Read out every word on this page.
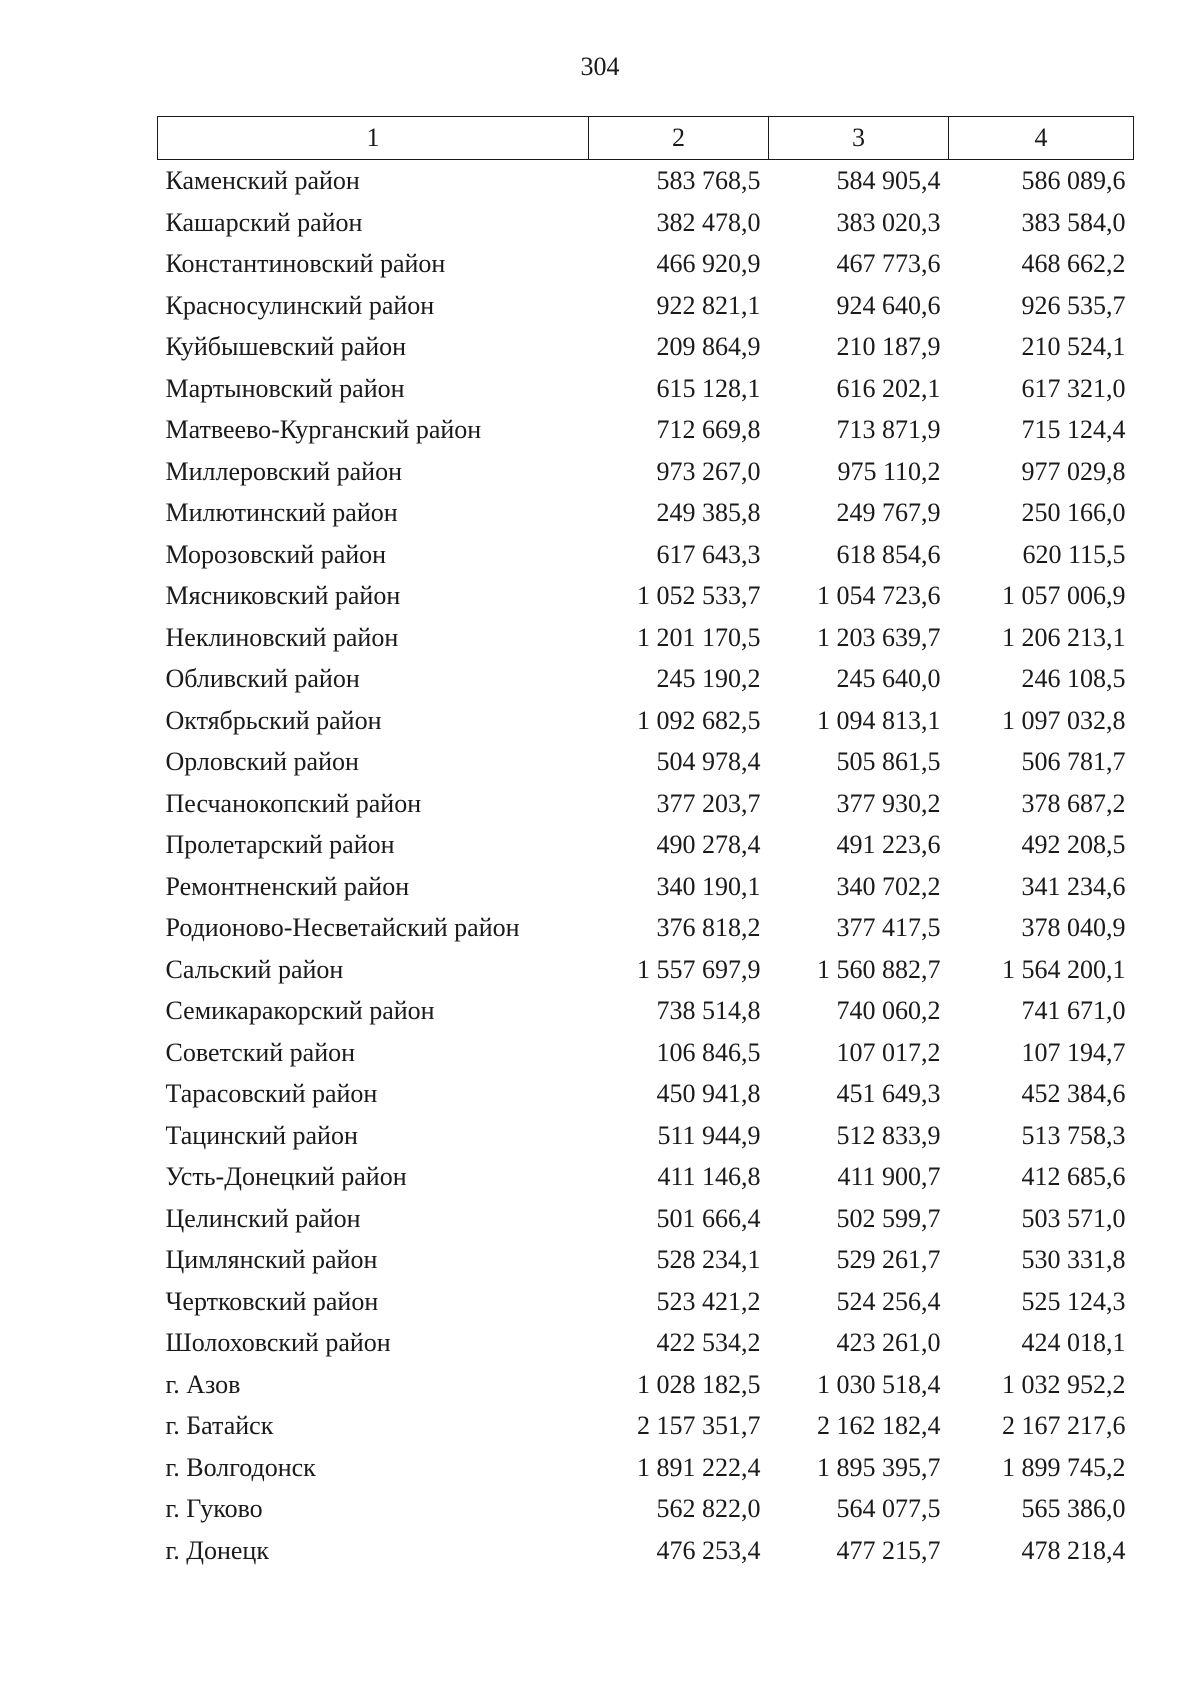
304
1	2	3	4
Каменский район	583 768,5	584 905,4	586 089,6
Кашарский район	382 478,0	383 020,3	383 584,0
Константиновский район	466 920,9	467 773,6	468 662,2
Красносулинский район	922 821,1	924 640,6	926 535,7
Куйбышевский район	209 864,9	210 187,9	210 524,1
Мартыновский район	615 128,1	616 202,1	617 321,0
Матвеево-Курганский район	712 669,8	713 871,9	715 124,4
Миллеровский район	973 267,0	975 110,2	977 029,8
Милютинский район	249 385,8	249 767,9	250 166,0
Морозовский район	617 643,3	618 854,6	620 115,5
Мясниковский район	1 052 533,7	1 054 723,6	1 057 006,9
Неклиновский район	1 201 170,5	1 203 639,7	1 206 213,1
Обливский район	245 190,2	245 640,0	246 108,5
Октябрьский район	1 092 682,5	1 094 813,1	1 097 032,8
Орловский район	504 978,4	505 861,5	506 781,7
Песчанокопский район	377 203,7	377 930,2	378 687,2
Пролетарский район	490 278,4	491 223,6	492 208,5
Ремонтненский район	340 190,1	340 702,2	341 234,6
Родионово-Несветайский район	376 818,2	377 417,5	378 040,9
Сальский район	1 557 697,9	1 560 882,7	1 564 200,1
Семикаракорский район	738 514,8	740 060,2	741 671,0
Советский район	106 846,5	107 017,2	107 194,7
Тарасовский район	450 941,8	451 649,3	452 384,6
Тацинский район	511 944,9	512 833,9	513 758,3
Усть-Донецкий район	411 146,8	411 900,7	412 685,6
Целинский район	501 666,4	502 599,7	503 571,0
Цимлянский район	528 234,1	529 261,7	530 331,8
Чертковский район	523 421,2	524 256,4	525 124,3
Шолоховский район	422 534,2	423 261,0	424 018,1
г. Азов	1 028 182,5	1 030 518,4	1 032 952,2
г. Батайск	2 157 351,7	2 162 182,4	2 167 217,6
г. Волгодонск	1 891 222,4	1 895 395,7	1 899 745,2
г. Гуково	562 822,0	564 077,5	565 386,0
г. Донецк	476 253,4	477 215,7	478 218,4
